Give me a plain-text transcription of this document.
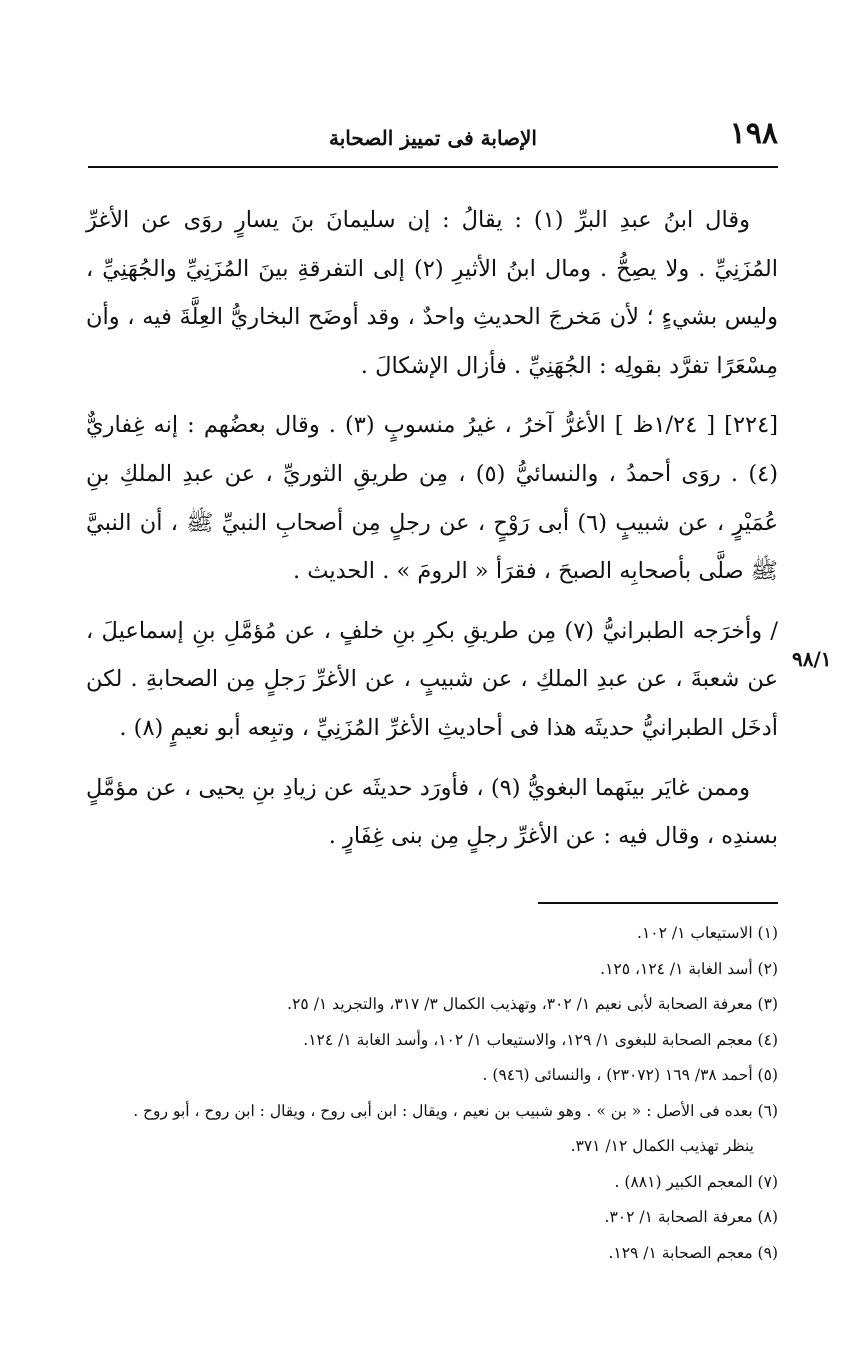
١٩٨
الإصابة فى تمييز الصحابة
٩٨/١

وقال ابنُ عبدِ البرِّ (١) : يقالُ : إن سليمانَ بنَ يسارٍ روَى عن الأغرِّ المُزَنِيِّ . ولا يصِحُّ . ومال ابنُ الأثيرِ (٢) إلى التفرقةِ بينَ المُزَنِيِّ والجُهَنِيِّ ، وليس بشيءٍ ؛ لأن مَخرجَ الحديثِ واحدٌ ، وقد أوضَح البخاريُّ العِلَّةَ فيه ، وأن مِسْعَرًا تفرَّد بقولِه : الجُهَنِيِّ . فأزال الإشكالَ .

[٢٢٤] [ ١/٢٤ظ ] الأغرُّ آخرُ ، غيرُ منسوبٍ (٣) . وقال بعضُهم : إنه غِفاريٌّ (٤) . روَى أحمدُ ، والنسائيُّ (٥) ، مِن طريقِ الثوريِّ ، عن عبدِ الملكِ بنِ عُمَيْرٍ ، عن شبيبٍ (٦) أبى رَوْحٍ ، عن رجلٍ مِن أصحابِ النبيِّ ﷺ ، أن النبيَّ ﷺ صلَّى بأصحابِه الصبحَ ، فقرَأ « الرومَ » . الحديث .

/ وأخرَجه الطبرانيُّ (٧) مِن طريقِ بكرِ بنِ خلفٍ ، عن مُؤمَّلِ بنِ إسماعيلَ ، عن شعبةَ ، عن عبدِ الملكِ ، عن شبيبٍ ، عن الأغرِّ رَجلٍ مِن الصحابةِ . لكن أدخَل الطبرانيُّ حديثَه هذا فى أحاديثِ الأغرِّ المُزَنِيِّ ، وتبِعه أبو نعيمٍ (٨) .

وممن غايَر بينَهما البغويُّ (٩) ، فأورَد حديثَه عن زيادِ بنِ يحيى ، عن مؤمَّلٍ بسندِه ، وقال فيه : عن الأغرِّ رجلٍ مِن بنى غِفَارٍ .

(١) الاستيعاب ١/ ١٠٢.

(٢) أسد الغابة ١/ ١٢٤، ١٢٥.

(٣) معرفة الصحابة لأبى نعيم ١/ ٣٠٢، وتهذيب الكمال ٣/ ٣١٧، والتجريد ١/ ٢٥.

(٤) معجم الصحابة للبغوى ١/ ١٢٩، والاستيعاب ١/ ١٠٢، وأسد الغابة ١/ ١٢٤.

(٥) أحمد ٣٨/ ١٦٩ (٢٣٠٧٢) ، والنسائى (٩٤٦) .

(٦) بعده فى الأصل : « بن » . وهو شبيب بن نعيم ، ويقال : ابن أبى روح ، ويقال : ابن روح ، أبو روح .

ينظر تهذيب الكمال ١٢/ ٣٧١.

(٧) المعجم الكبير (٨٨١) .

(٨) معرفة الصحابة ١/ ٣٠٢.

(٩) معجم الصحابة ١/ ١٢٩.
